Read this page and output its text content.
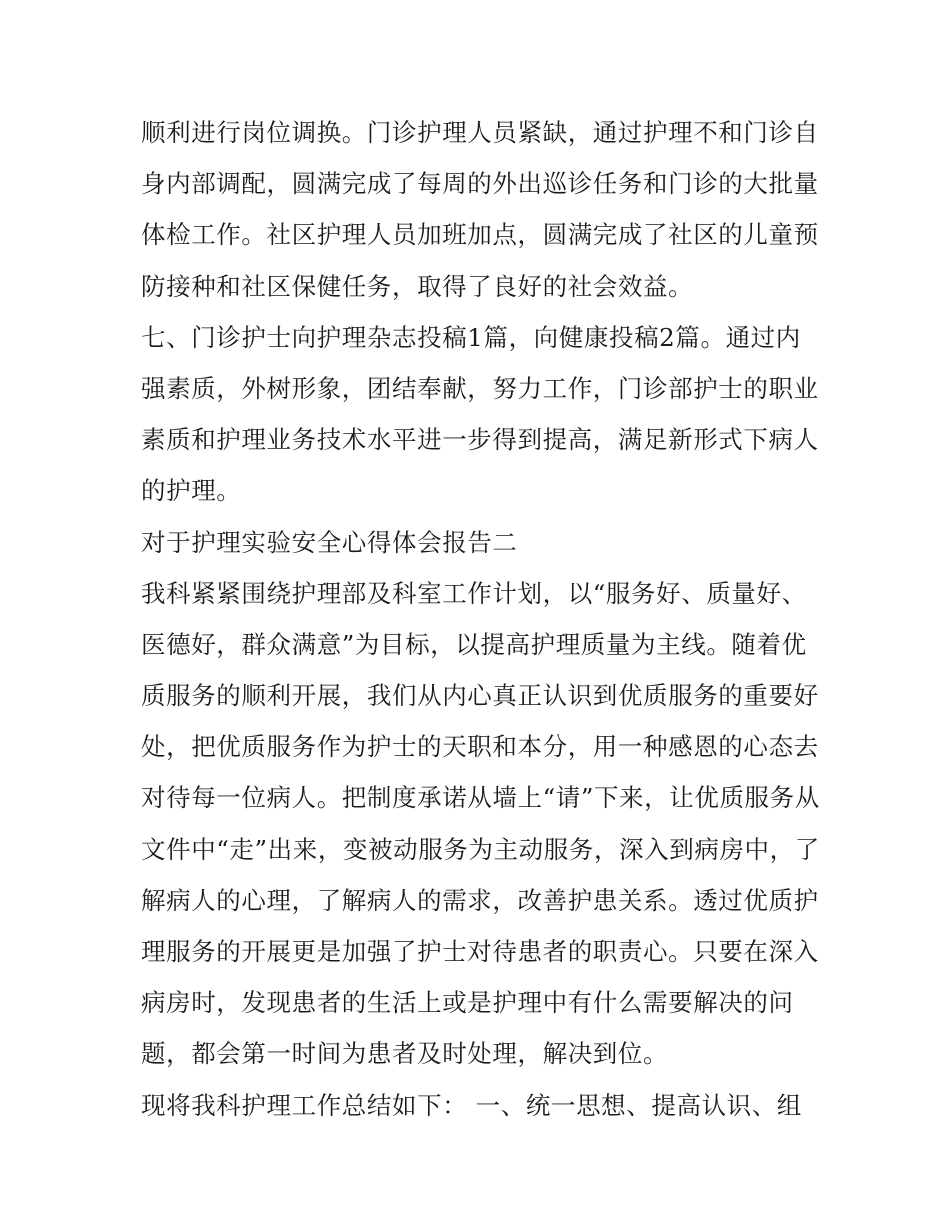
顺利进行岗位调换。门诊护理人员紧缺，通过护理不和门诊自
身内部调配，圆满完成了每周的外出巡诊任务和门诊的大批量
体检工作。社区护理人员加班加点，圆满完成了社区的儿童预
防接种和社区保健任务，取得了良好的社会效益。
七、门诊护士向护理杂志投稿1篇，向健康投稿2篇。通过内
强素质，外树形象，团结奉献，努力工作，门诊部护士的职业
素质和护理业务技术水平进一步得到提高，满足新形式下病人
的护理。
对于护理实验安全心得体会报告二
我科紧紧围绕护理部及科室工作计划，以“服务好、质量好、
医德好，群众满意”为目标，以提高护理质量为主线。随着优
质服务的顺利开展，我们从内心真正认识到优质服务的重要好
处，把优质服务作为护士的天职和本分，用一种感恩的心态去
对待每一位病人。把制度承诺从墙上“请”下来，让优质服务从
文件中“走”出来，变被动服务为主动服务，深入到病房中，了
解病人的心理，了解病人的需求，改善护患关系。透过优质护
理服务的开展更是加强了护士对待患者的职责心。只要在深入
病房时，发现患者的生活上或是护理中有什么需要解决的问
题，都会第一时间为患者及时处理，解决到位。
现将我科护理工作总结如下： 一、统一思想、提高认识、组
